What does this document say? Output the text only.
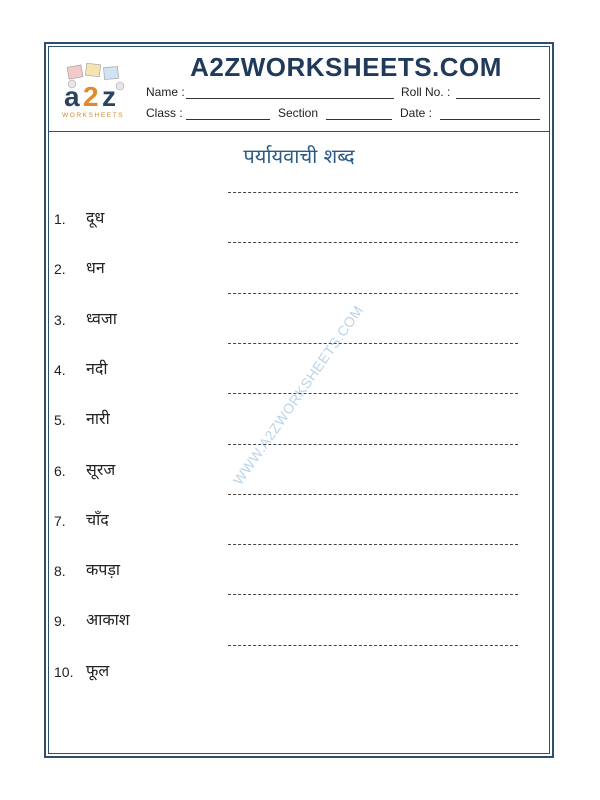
a 2 z
WORKSHEETS
A2ZWORKSHEETS.COM
Name :	Roll No. :
Class :	Section	Date :
पर्यायवाची शब्द
WWW.A2ZWORKSHEETS.COM
1. दूध
2. धन
3. ध्वजा
4. नदी
5. नारी
6. सूरज
7. चाँद
8. कपड़ा
9. आकाश
10. फूल
